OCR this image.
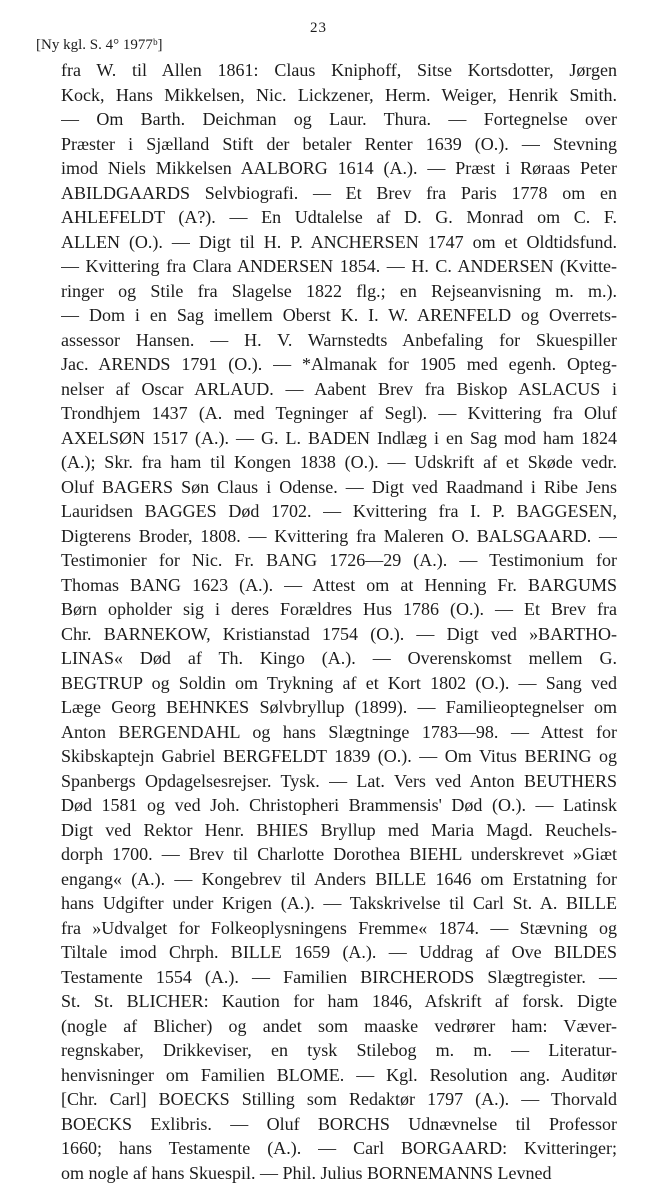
23
[Ny kgl. S. 4° 1977ᵇ]
fra W. til Allen 1861: Claus Kniphoff, Sitse Kortsdotter, Jørgen
Kock, Hans Mikkelsen, Nic. Lickzener, Herm. Weiger, Henrik Smith.
— Om Barth. Deichman og Laur. Thura. — Fortegnelse over
Præster i Sjælland Stift der betaler Renter 1639 (O.). — Stevning
imod Niels Mikkelsen AALBORG 1614 (A.). — Præst i Røraas Peter
ABILDGAARDS Selvbiografi. — Et Brev fra Paris 1778 om en
AHLEFELDT (A?). — En Udtalelse af D. G. Monrad om C. F.
ALLEN (O.). — Digt til H. P. ANCHERSEN 1747 om et Oldtidsfund.
— Kvittering fra Clara ANDERSEN 1854. — H. C. ANDERSEN (Kvitte-
ringer og Stile fra Slagelse 1822 flg.; en Rejseanvisning m. m.).
— Dom i en Sag imellem Oberst K. I. W. ARENFELD og Overrets-
assessor Hansen. — H. V. Warnstedts Anbefaling for Skuespiller
Jac. ARENDS 1791 (O.). — *Almanak for 1905 med egenh. Opteg-
nelser af Oscar ARLAUD. — Aabent Brev fra Biskop ASLACUS i
Trondhjem 1437 (A. med Tegninger af Segl). — Kvittering fra Oluf
AXELSØN 1517 (A.). — G. L. BADEN Indlæg i en Sag mod ham 1824
(A.); Skr. fra ham til Kongen 1838 (O.). — Udskrift af et Skøde vedr.
Oluf BAGERS Søn Claus i Odense. — Digt ved Raadmand i Ribe Jens
Lauridsen BAGGES Død 1702. — Kvittering fra I. P. BAGGESEN,
Digterens Broder, 1808. — Kvittering fra Maleren O. BALSGAARD. —
Testimonier for Nic. Fr. BANG 1726—29 (A.). — Testimonium for
Thomas BANG 1623 (A.). — Attest om at Henning Fr. BARGUMS
Børn opholder sig i deres Forældres Hus 1786 (O.). — Et Brev fra
Chr. BARNEKOW, Kristianstad 1754 (O.). — Digt ved »BARTHO-
LINAS« Død af Th. Kingo (A.). — Overenskomst mellem G.
BEGTRUP og Soldin om Trykning af et Kort 1802 (O.). — Sang ved
Læge Georg BEHNKES Sølvbryllup (1899). — Familieoptegnelser om
Anton BERGENDAHL og hans Slægtninge 1783—98. — Attest for
Skibskaptejn Gabriel BERGFELDT 1839 (O.). — Om Vitus BERING og
Spanbergs Opdagelsesrejser. Tysk. — Lat. Vers ved Anton BEUTHERS
Død 1581 og ved Joh. Christopheri Brammensis' Død (O.). — Latinsk
Digt ved Rektor Henr. BHIES Bryllup med Maria Magd. Reuchels-
dorph 1700. — Brev til Charlotte Dorothea BIEHL underskrevet »Giæt
engang« (A.). — Kongebrev til Anders BILLE 1646 om Erstatning for
hans Udgifter under Krigen (A.). — Takskrivelse til Carl St. A. BILLE
fra »Udvalget for Folkeoplysningens Fremme« 1874. — Stævning og
Tiltale imod Chrph. BILLE 1659 (A.). — Uddrag af Ove BILDES
Testamente 1554 (A.). — Familien BIRCHERODS Slægtregister. —
St. St. BLICHER: Kaution for ham 1846, Afskrift af forsk. Digte
(nogle af Blicher) og andet som maaske vedrører ham: Væver-
regnskaber, Drikkeviser, en tysk Stilebog m. m. — Literatur-
henvisninger om Familien BLOME. — Kgl. Resolution ang. Auditør
[Chr. Carl] BOECKS Stilling som Redaktør 1797 (A.). — Thorvald
BOECKS Exlibris. — Oluf BORCHS Udnævnelse til Professor
1660; hans Testamente (A.). — Carl BORGAARD: Kvitteringer;
om nogle af hans Skuespil. — Phil. Julius BORNEMANNS Levned
